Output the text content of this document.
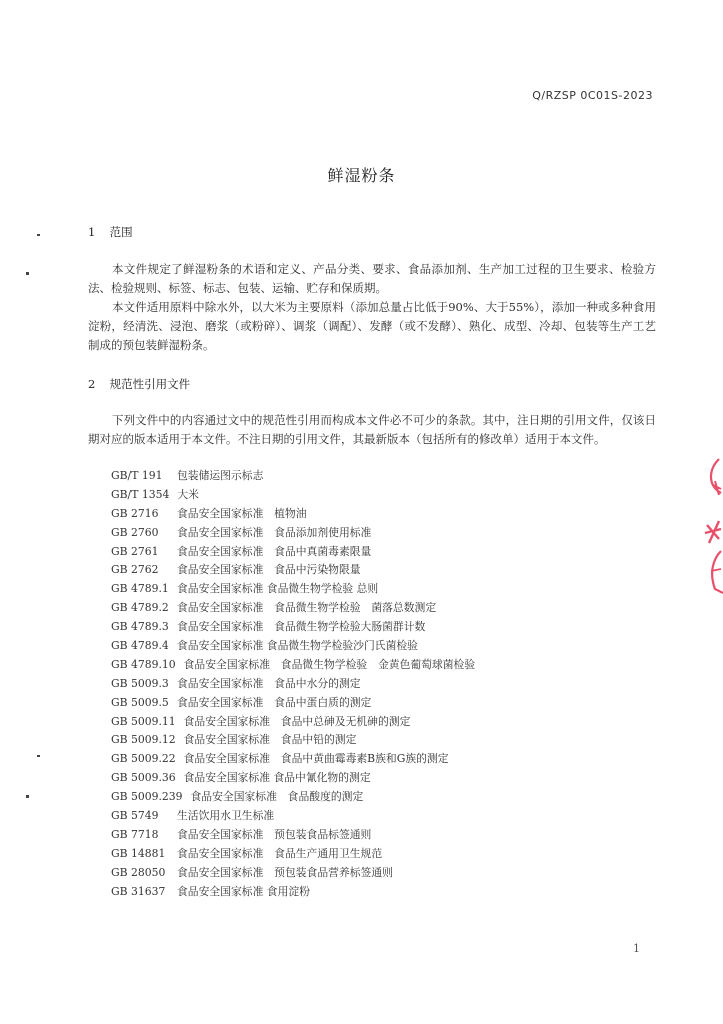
Q/RZSP 0C01S-2023
鲜湿粉条
1 范围

本文件规定了鲜湿粉条的术语和定义、产品分类、要求、食品添加剂、生产加工过程的卫生要求、检验方法、检验规则、标签、标志、包装、运输、贮存和保质期。

本文件适用原料中除水外，以大米为主要原料（添加总量占比低于90%、大于55%），添加一种或多种食用淀粉，经清洗、浸泡、磨浆（或粉碎）、调浆（调配）、发酵（或不发酵）、熟化、成型、冷却、包装等生产工艺制成的预包装鲜湿粉条。

2 规范性引用文件

下列文件中的内容通过文中的规范性引用而构成本文件必不可少的条款。其中，注日期的引用文件，仅该日期对应的版本适用于本文件。不注日期的引用文件，其最新版本（包括所有的修改单）适用于本文件。

GB/T 191 包装储运图示标志
GB/T 1354 大米
GB 2716 食品安全国家标准　植物油
GB 2760 食品安全国家标准　食品添加剂使用标准
GB 2761 食品安全国家标准　食品中真菌毒素限量
GB 2762 食品安全国家标准　食品中污染物限量
GB 4789.1 食品安全国家标准 食品微生物学检验 总则
GB 4789.2 食品安全国家标准　食品微生物学检验　菌落总数测定
GB 4789.3 食品安全国家标准　食品微生物学检验大肠菌群计数
GB 4789.4 食品安全国家标准 食品微生物学检验沙门氏菌检验
GB 4789.10 食品安全国家标准　食品微生物学检验　金黄色葡萄球菌检验
GB 5009.3 食品安全国家标准　食品中水分的测定
GB 5009.5 食品安全国家标准　食品中蛋白质的测定
GB 5009.11 食品安全国家标准　食品中总砷及无机砷的测定
GB 5009.12 食品安全国家标准　食品中铅的测定
GB 5009.22 食品安全国家标准　食品中黄曲霉毒素B族和G族的测定
GB 5009.36 食品安全国家标准 食品中氰化物的测定
GB 5009.239 食品安全国家标准　食品酸度的测定
GB 5749 生活饮用水卫生标准
GB 7718 食品安全国家标准　预包装食品标签通则
GB 14881 食品安全国家标准　食品生产通用卫生规范
GB 28050 食品安全国家标准　预包装食品营养标签通则
GB 31637 食品安全国家标准 食用淀粉
1
